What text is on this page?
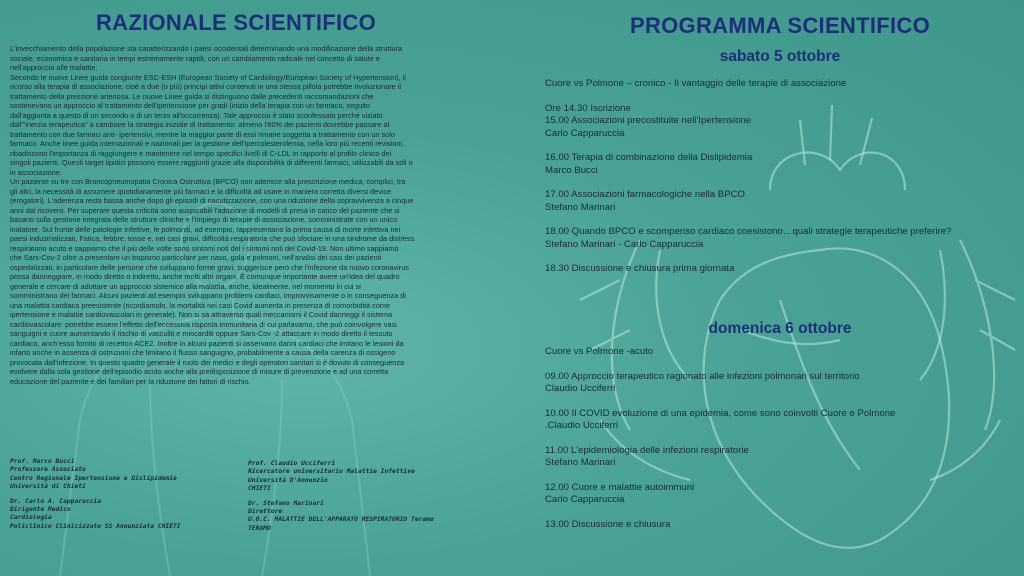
RAZIONALE SCIENTIFICO
L'invecchiamento della popolazione sta caratterizzando i paesi occidentali determinando una modificazione della struttura
sociale, economica e sanitaria in tempi estremamente rapidi, con un cambiamento radicale nel concetto di salute e
nell'approccio alle malattie.
Secondo le nuove Linee guida congiunte ESC-ESH (European Society of Cardiology/European Society of Hypertension), il
ricorso alla terapia di associazione, cioè a due (o più) principi attivi contenuti in una stessa pillola potrebbe rivoluzionare il
trattamento della pressione arteriosa. Le nuove Linee guida si distinguono dalle precedenti raccomandazioni che
sostenevano un approccio al trattamento dell'ipertensione per gradi (inizio della terapia con un farmaco, seguito
dall'aggiunta a questo di un secondo o di un terzo all'occorrenza). Tale approccio è stato sconfessato perché viziato
dall'"inerzia terapeutica" a cambiare la strategia iniziale di trattamento: almeno l'80% dei pazienti dovrebbe passare al
trattamento con due farmaci anti- ipertensivi, mentre la maggior parte di essi rimane soggetta a trattamento con un solo
farmaco. Anche linee guida internazionali e nazionali per la gestione dell'ipercolesterolemia, nella loro più recenti revisioni,
ribadiscono l'importanza di raggiungere e mantenere nel tempo specifici livelli di C-LDL in rapporto al profilo clinico dei
singoli pazienti. Questi target lipidici possono essere raggiunti grazie alla disponibilità di differenti farmaci, utilizzabili da soli o
in associazione.
Un paziente su tre con Broncopneumopatia Cronica Ostruttiva (BPCO) non aderisce alla prescrizione medica, complici, tra
gli altri, la necessità di assumere quotidianamente più farmaci e la difficoltà ad usare in maniera corretta diversi device
(erogatori). L'aderenza resta bassa anche dopo gli episodi di riacutizzazione, con una riduzione della sopravvivenza a cinque
anni dal ricovero. Per superare questa criticità sono auspicabili l'adozione di modelli di presa in carico del paziente che si
basano sulla gestione integrata delle strutture cliniche e l'impiego di terapie di associazione, somministrate con un unico
inalatore. Sul fronte delle patologie infettive, le polmoniti, ad esempio, rappresentano la prima causa di morte infettiva nei
paesi industrializzati, Fatica, febbre, tosse e, nei casi gravi, difficoltà respiratoria che può sfociare in una sindrome da distress
respiratorio acuto e sappiamo che il più delle volte sono sintomi noti del i sintomi noti del Covid-19. Non ultimo sappiamo
che Sars-Cov-2 oltre a presentare un tropismo particolare per naso, gola e polmoni, nell'analisi dei casi dei pazienti
ospedalizzati, in particolare delle persone che sviluppano forme gravi, suggerisce però che l'infezione da nuovo coronavirus
possa danneggiare, in modo diretto o indiretto, anche molti altri organi. È comunque importante avere un'idea del quadro
generale e cercare di adottare un approccio sistemico alla malattia, anche, idealmente, nel momento in cui si
somministrano dei farmaci. Alcuni pazienti ad esempio sviluppano problemi cardiaci, improvvisamente o in conseguenza di
una malattia cardiaca preesistente (ricordiamolo, la mortalità nei casi Covid aumenta in presenza di comorbidità come
ipertensione e malattie cardiovascolari in generale). Non si sa attraverso quali meccanismi il Covid danneggi il sistema
cardiovascolare: potrebbe essere l'effetto dell'eccessiva risposta immunitaria di cui parlavamo, che può coinvolgere vasi
sanguigni e cuore aumentando il rischio di vasculiti e miocarditi oppure Sars-Cov -2 attaccare in modo diretto il tessuto
cardiaco, anch'esso fornito di recettori ACE2. Inoltre in alcuni pazienti si osservano danni cardiaci che imitano le lesioni da
infarto anche in assenza di ostruzioni che limitano il flusso sanguigno, probabilmente a causa della carenza di ossigeno
provocata dall'infezione. In questo quadro generale il ruolo dei medici e degli operatori sanitari si è dovuto di conseguenza
evolvere dalla sola gestione dell'episodio acuto anche alla predisposizione di misure di prevenzione e ad una corretta
educazione del paziente e dei familiari per la riduzione dei fattori di rischio.
Prof. Marco Bucci
Professore Associato
Centro Regionale Ipertensione e Dislipidemie
Università di Chieti
Dr. Carlo A. Capparuccia
Dirigente Medico
Cardiologia
Policlinico Clinicizzato SS Annunziata CHIETI
Prof. Claudio Ucciferri
Ricercatore universitario Malattie Infettive
Università D'Annunzio
CHIETI
Dr. Stefano Marinari
Direttore
U.O.C. MALATTIE DELL'APPARATO RESPIRATORIO Teramo
TERAMO
PROGRAMMA SCIENTIFICO
sabato 5 ottobre
Cuore vs Polmone – cronico - Il vantaggio delle terapie di associazione
Ore 14.30 Iscrizione
15.00 Associazioni precostituite nell'Ipertensione
Carlo Capparuccia
16.00 Terapia di combinazione della Dislipidemia
Marco Bucci
17.00 Associazioni farmacologiche nella BPCO
Stefano Marinari
18.00 Quando BPCO e scompenso cardiaco coesistono…quali strategie terapeutiche preferire?
Stefano Marinari - Carlo Capparuccia
18.30 Discussione e chiusura prima giornata
domenica 6 ottobre
Cuore vs Polmone -acuto
09.00 Approccio terapeutico ragionato alle infezioni polmonari sul territorio
Claudio Ucciferri
10.00 Il COVID evoluzione di una epidemia, come sono coinvolti Cuore e Polmone
.Claudio Ucciferri
11.00 L'epidemiologia delle infezioni respiratorie
Stefano Marinari
12.00 Cuore e malattie autoimmuni
Carlo Capparuccia
13.00 Discussione e chiusura
